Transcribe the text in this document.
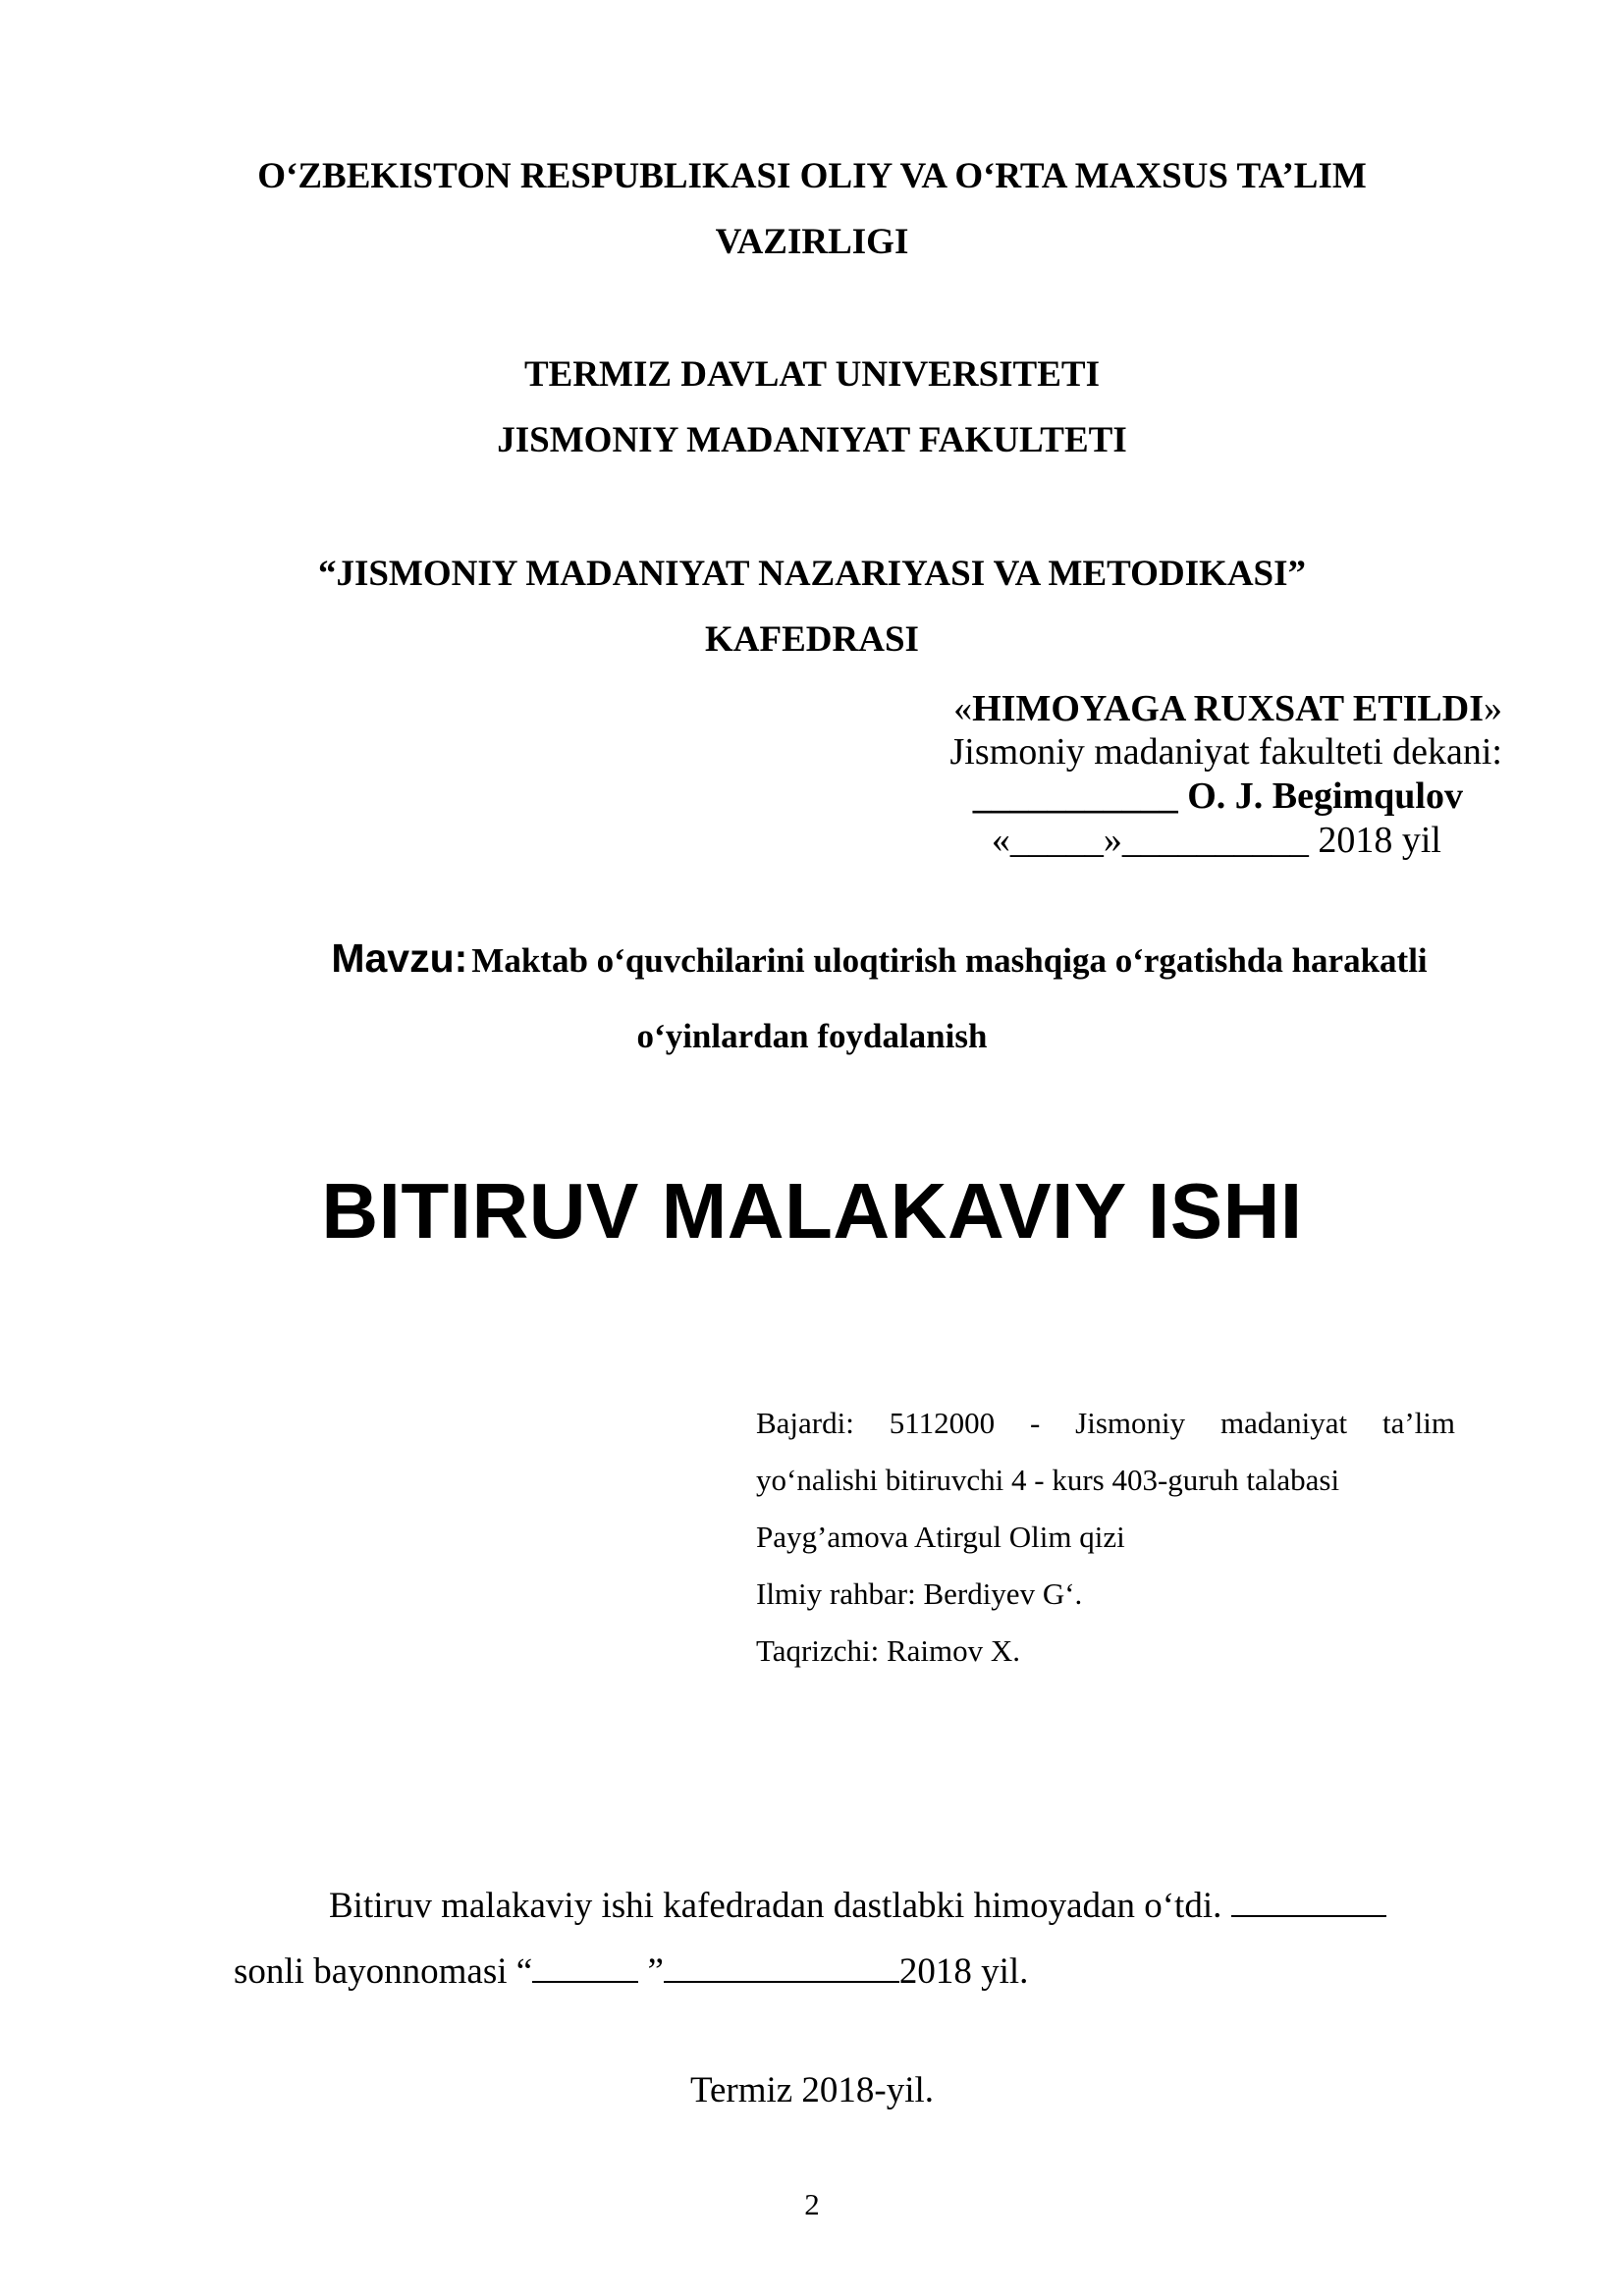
O‘ZBEKISTON RESPUBLIKASI OLIY VA O‘RTA MAXSUS TA’LIM
VAZIRLIGI
TERMIZ DAVLAT UNIVERSITETI
JISMONIY MADANIYAT FAKULTETI
“JISMONIY MADANIYAT NAZARIYASI VA METODIKASI”
KAFEDRASI
«HIMOYAGA RUXSAT ETILDI»
Jismoniy madaniyat fakulteti dekani:
___________ O. J. Begimqulov
«_____»__________ 2018 yil
Mavzu: Maktab o‘quvchilarini uloqtirish mashqiga o‘rgatishda harakatli
o‘yinlardan foydalanish
BITIRUV MALAKAVIY ISHI
Bajardi: 5112000 - Jismoniy madaniyat ta’lim
yo‘nalishi bitiruvchi 4 - kurs 403-guruh talabasi
Payg’amova Atirgul Olim qizi
Ilmiy rahbar: Berdiyev G‘.
Taqrizchi: Raimov X.
Bitiruv malakaviy ishi kafedradan dastlabki himoyadan o‘tdi.
sonli bayonnomasi “	”	2018 yil.
Termiz 2018-yil.
2
